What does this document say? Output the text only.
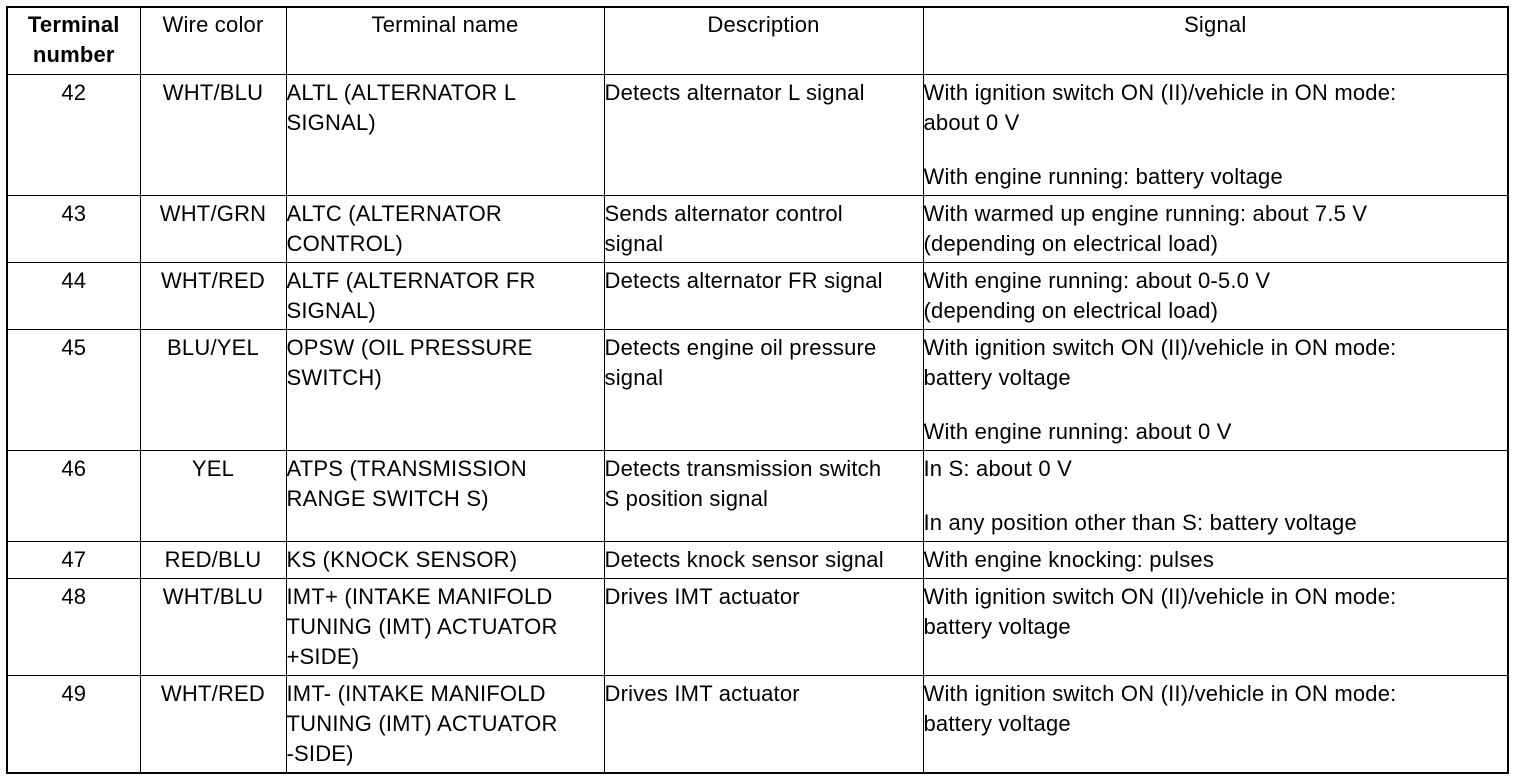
Terminal
number	Wire color	Terminal name	Description	Signal

42	WHT/BLU	ALTL (ALTERNATOR L
SIGNAL)	Detects alternator L signal	With ignition switch ON (II)/vehicle in ON mode:
about 0 V
With engine running: battery voltage

43	WHT/GRN	ALTC (ALTERNATOR
CONTROL)	Sends alternator control
signal	With warmed up engine running: about 7.5 V
(depending on electrical load)

44	WHT/RED	ALTF (ALTERNATOR FR
SIGNAL)	Detects alternator FR signal	With engine running: about 0-5.0 V
(depending on electrical load)

45	BLU/YEL	OPSW (OIL PRESSURE
SWITCH)	Detects engine oil pressure
signal	With ignition switch ON (II)/vehicle in ON mode:
battery voltage
With engine running: about 0 V

46	YEL	ATPS (TRANSMISSION
RANGE SWITCH S)	Detects transmission switch
S position signal	In S: about 0 V
In any position other than S: battery voltage

47	RED/BLU	KS (KNOCK SENSOR)	Detects knock sensor signal	With engine knocking: pulses

48	WHT/BLU	IMT+ (INTAKE MANIFOLD
TUNING (IMT) ACTUATOR
+SIDE)	Drives IMT actuator	With ignition switch ON (II)/vehicle in ON mode:
battery voltage

49	WHT/RED	IMT- (INTAKE MANIFOLD
TUNING (IMT) ACTUATOR
-SIDE)	Drives IMT actuator	With ignition switch ON (II)/vehicle in ON mode:
battery voltage
